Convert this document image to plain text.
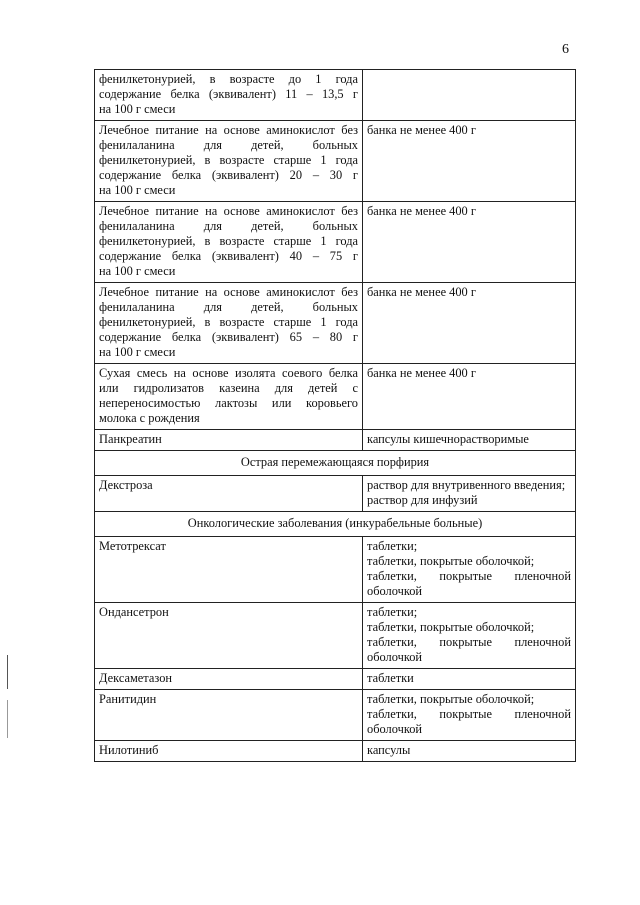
6
фенилкетонурией, в возрасте до 1 года содержание белка (эквивалент) 11 – 13,5 г
на 100 г смеси	

Лечебное питание на основе аминокислот без фенилаланина для детей, больных фенилкетонурией, в возрасте старше 1 года содержание белка (эквивалент) 20 – 30 г
на 100 г смеси	банка не менее 400 г

Лечебное питание на основе аминокислот без фенилаланина для детей, больных фенилкетонурией, в возрасте старше 1 года содержание белка (эквивалент) 40 – 75 г
на 100 г смеси	банка не менее 400 г

Лечебное питание на основе аминокислот без фенилаланина для детей, больных фенилкетонурией, в возрасте старше 1 года содержание белка (эквивалент) 65 – 80 г
на 100 г смеси	банка не менее 400 г

Сухая смесь на основе изолята соевого белка или гидролизатов казеина для детей с непереносимостью лактозы или коровьего
молока с рождения	банка не менее 400 г

Панкреатин	капсулы кишечнорастворимые

Острая перемежающаяся порфирия	
Декстроза	раствор для внутривенного введения;
раствор для инфузий

Онкологические заболевания (инкурабельные больные)	
Метотрексат	таблетки;
таблетки, покрытые оболочкой;
таблетки, покрытые пленочной
оболочкой

Ондансетрон	таблетки;
таблетки, покрытые оболочкой;
таблетки, покрытые пленочной
оболочкой

Дексаметазон	таблетки

Ранитидин	таблетки, покрытые оболочкой;
таблетки, покрытые пленочной
оболочкой

Нилотиниб	капсулы
